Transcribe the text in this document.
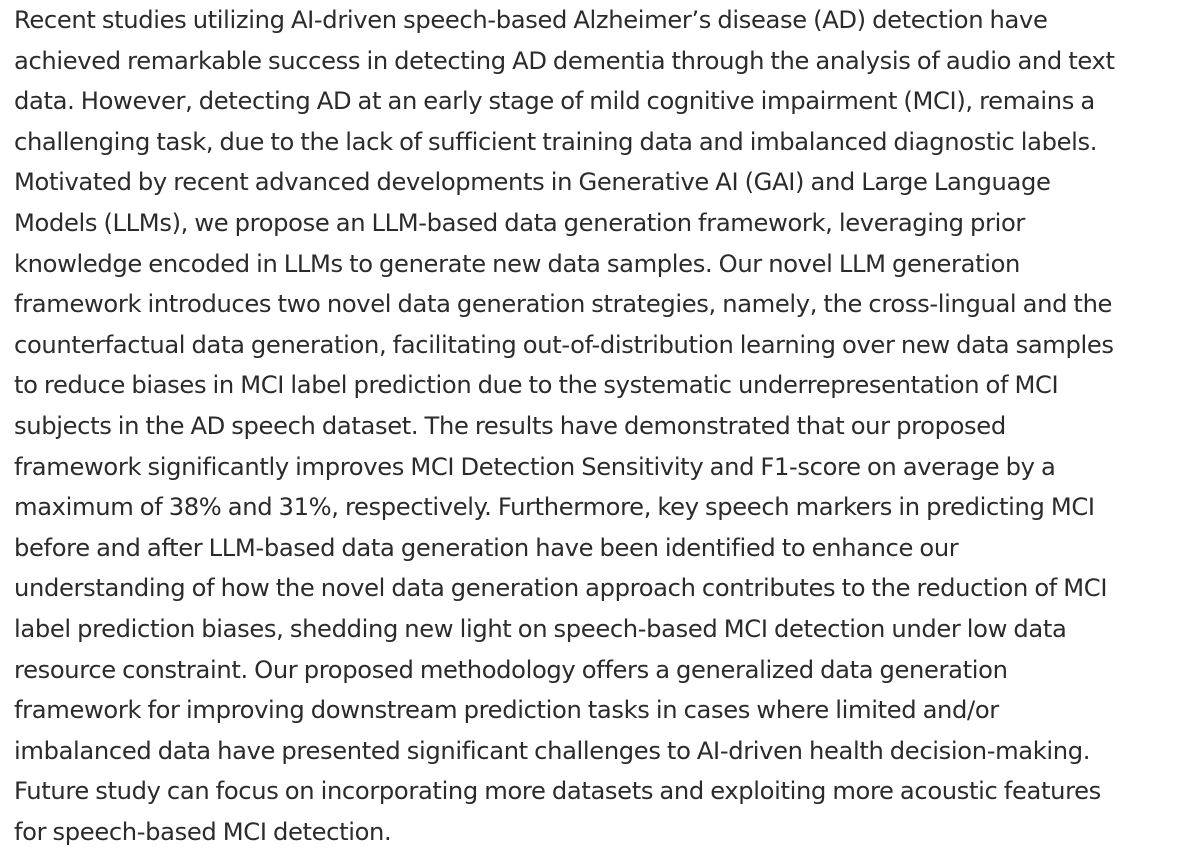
Recent studies utilizing AI-driven speech-based Alzheimer’s disease (AD) detection have
achieved remarkable success in detecting AD dementia through the analysis of audio and text
data. However, detecting AD at an early stage of mild cognitive impairment (MCI), remains a
challenging task, due to the lack of sufficient training data and imbalanced diagnostic labels.
Motivated by recent advanced developments in Generative AI (GAI) and Large Language
Models (LLMs), we propose an LLM-based data generation framework, leveraging prior
knowledge encoded in LLMs to generate new data samples. Our novel LLM generation
framework introduces two novel data generation strategies, namely, the cross-lingual and the
counterfactual data generation, facilitating out-of-distribution learning over new data samples
to reduce biases in MCI label prediction due to the systematic underrepresentation of MCI
subjects in the AD speech dataset. The results have demonstrated that our proposed
framework significantly improves MCI Detection Sensitivity and F1-score on average by a
maximum of 38% and 31%, respectively. Furthermore, key speech markers in predicting MCI
before and after LLM-based data generation have been identified to enhance our
understanding of how the novel data generation approach contributes to the reduction of MCI
label prediction biases, shedding new light on speech-based MCI detection under low data
resource constraint. Our proposed methodology offers a generalized data generation
framework for improving downstream prediction tasks in cases where limited and/or
imbalanced data have presented significant challenges to AI-driven health decision-making.
Future study can focus on incorporating more datasets and exploiting more acoustic features
for speech-based MCI detection.
